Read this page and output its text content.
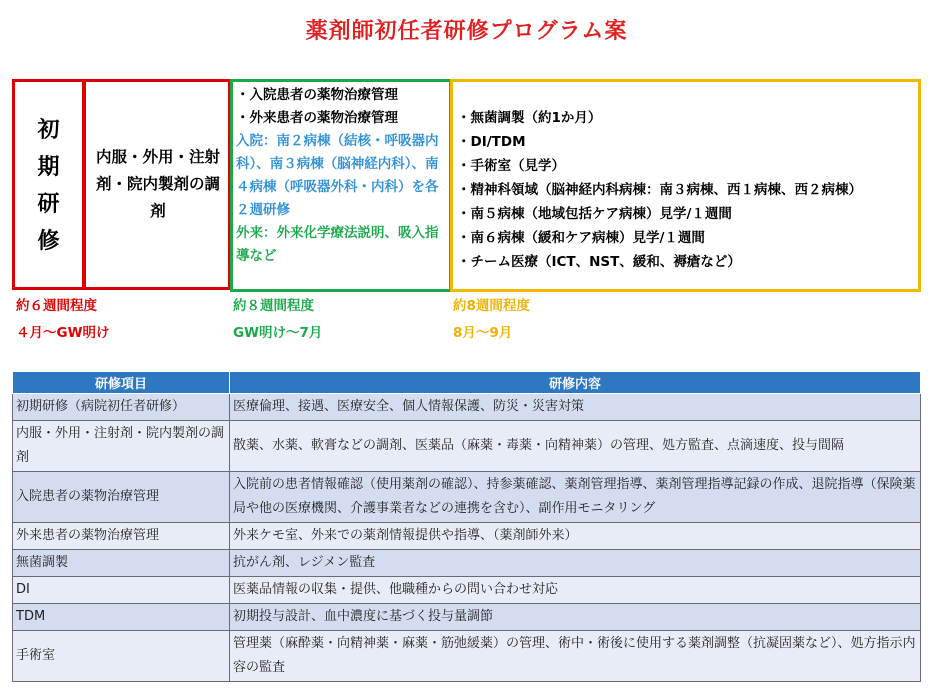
薬剤師初任者研修プログラム案
初
期
研
修
内服・外用・注射剤・院内製剤の調剤
・入院患者の薬物治療管理
・外来患者の薬物治療管理
入院：南２病棟（結核・呼吸器内科）、南３病棟（脳神経内科）、南４病棟（呼吸器外科・内科）を各２週研修
外来：外来化学療法説明、吸入指導など
・無菌調製（約1か月）
・DI/TDM
・手術室（見学）
・精神科領域（脳神経内科病棟：南３病棟、西１病棟、西２病棟）
・南５病棟（地域包括ケア病棟）見学/１週間
・南６病棟（緩和ケア病棟）見学/１週間
・チーム医療（ICT、NST、緩和、褥瘡など）
約６週間程度
４月～GW明け
約８週間程度
GW明け～7月
約8週間程度
8月～9月
研修項目	研修内容
初期研修（病院初任者研修）	医療倫理、接遇、医療安全、個人情報保護、防災・災害対策
内服・外用・注射剤・院内製剤の調剤	散薬、水薬、軟膏などの調剤、医薬品（麻薬・毒薬・向精神薬）の管理、処方監査、点滴速度、投与間隔
入院患者の薬物治療管理	入院前の患者情報確認（使用薬剤の確認）、持参薬確認、薬剤管理指導、薬剤管理指導記録の作成、退院指導（保険薬局や他の医療機関、介護事業者などの連携を含む）、副作用モニタリング
外来患者の薬物治療管理	外来ケモ室、外来での薬剤情報提供や指導、（薬剤師外来）
無菌調製	抗がん剤、レジメン監査
DI	医薬品情報の収集・提供、他職種からの問い合わせ対応
TDM	初期投与設計、血中濃度に基づく投与量調節
手術室	管理薬（麻酔薬・向精神薬・麻薬・筋弛緩薬）の管理、術中・術後に使用する薬剤調整（抗凝固薬など）、処方指示内容の監査
